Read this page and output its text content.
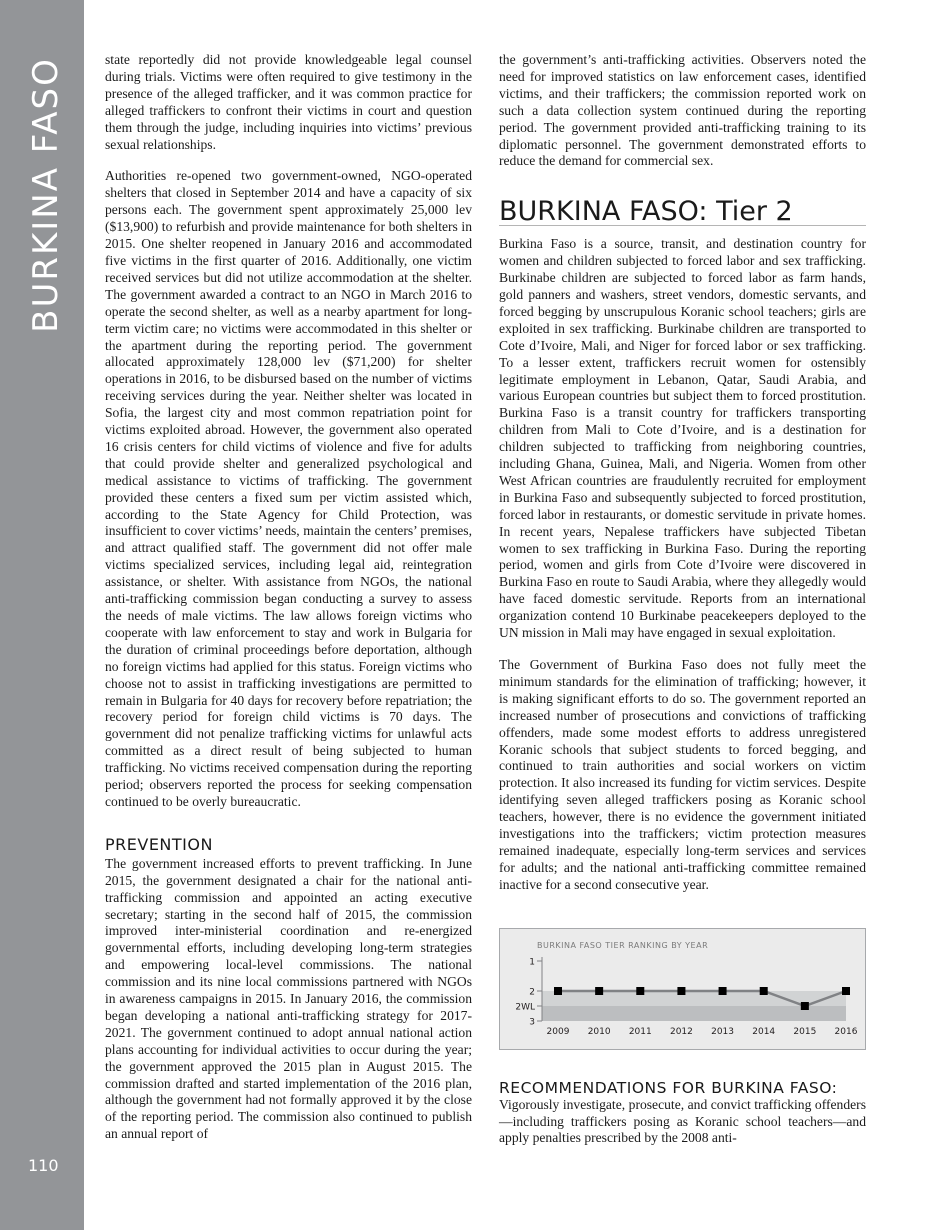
BURKINA FASO
110

state reportedly did not provide knowledgeable legal counsel during trials. Victims were often required to give testimony in the presence of the alleged trafficker, and it was common practice for alleged traffickers to confront their victims in court and question them through the judge, including inquiries into victims’ previous sexual relationships.

Authorities re-opened two government-owned, NGO-operated shelters that closed in September 2014 and have a capacity of six persons each. The government spent approximately 25,000 lev ($13,900) to refurbish and provide maintenance for both shelters in 2015. One shelter reopened in January 2016 and accommodated five victims in the first quarter of 2016. Additionally, one victim received services but did not utilize accommodation at the shelter. The government awarded a contract to an NGO in March 2016 to operate the second shelter, as well as a nearby apartment for long-term victim care; no victims were accommodated in this shelter or the apartment during the reporting period. The government allocated approximately 128,000 lev ($71,200) for shelter operations in 2016, to be disbursed based on the number of victims receiving services during the year. Neither shelter was located in Sofia, the largest city and most common repatriation point for victims exploited abroad. However, the government also operated 16 crisis centers for child victims of violence and five for adults that could provide shelter and generalized psychological and medical assistance to victims of trafficking. The government provided these centers a fixed sum per victim assisted which, according to the State Agency for Child Protection, was insufficient to cover victims’ needs, maintain the centers’ premises, and attract qualified staff. The government did not offer male victims specialized services, including legal aid, reintegration assistance, or shelter. With assistance from NGOs, the national anti-trafficking commission began conducting a survey to assess the needs of male victims. The law allows foreign victims who cooperate with law enforcement to stay and work in Bulgaria for the duration of criminal proceedings before deportation, although no foreign victims had applied for this status. Foreign victims who choose not to assist in trafficking investigations are permitted to remain in Bulgaria for 40 days for recovery before repatriation; the recovery period for foreign child victims is 70 days. The government did not penalize trafficking victims for unlawful acts committed as a direct result of being subjected to human trafficking. No victims received compensation during the reporting period; observers reported the process for seeking compensation continued to be overly bureaucratic.

PREVENTION

The government increased efforts to prevent trafficking. In June 2015, the government designated a chair for the national anti-trafficking commission and appointed an acting executive secretary; starting in the second half of 2015, the commission improved inter-ministerial coordination and re-energized governmental efforts, including developing long-term strategies and empowering local-level commissions. The national commission and its nine local commissions partnered with NGOs in awareness campaigns in 2015. In January 2016, the commission began developing a national anti-trafficking strategy for 2017-2021. The government continued to adopt annual national action plans accounting for individual activities to occur during the year; the government approved the 2015 plan in August 2015. The commission drafted and started implementation of the 2016 plan, although the government had not formally approved it by the close of the reporting period. The commission also continued to publish an annual report of

the government’s anti-trafficking activities. Observers noted the need for improved statistics on law enforcement cases, identified victims, and their traffickers; the commission reported work on such a data collection system continued during the reporting period. The government provided anti-trafficking training to its diplomatic personnel. The government demonstrated efforts to reduce the demand for commercial sex.

BURKINA FASO: Tier 2

Burkina Faso is a source, transit, and destination country for women and children subjected to forced labor and sex trafficking. Burkinabe children are subjected to forced labor as farm hands, gold panners and washers, street vendors, domestic servants, and forced begging by unscrupulous Koranic school teachers; girls are exploited in sex trafficking. Burkinabe children are transported to Cote d’Ivoire, Mali, and Niger for forced labor or sex trafficking. To a lesser extent, traffickers recruit women for ostensibly legitimate employment in Lebanon, Qatar, Saudi Arabia, and various European countries but subject them to forced prostitution. Burkina Faso is a transit country for traffickers transporting children from Mali to Cote d’Ivoire, and is a destination for children subjected to trafficking from neighboring countries, including Ghana, Guinea, Mali, and Nigeria. Women from other West African countries are fraudulently recruited for employment in Burkina Faso and subsequently subjected to forced prostitution, forced labor in restaurants, or domestic servitude in private homes. In recent years, Nepalese traffickers have subjected Tibetan women to sex trafficking in Burkina Faso. During the reporting period, women and girls from Cote d’Ivoire were discovered in Burkina Faso en route to Saudi Arabia, where they allegedly would have faced domestic servitude. Reports from an international organization contend 10 Burkinabe peacekeepers deployed to the UN mission in Mali may have engaged in sexual exploitation.

The Government of Burkina Faso does not fully meet the minimum standards for the elimination of trafficking; however, it is making significant efforts to do so. The government reported an increased number of prosecutions and convictions of trafficking offenders, made some modest efforts to address unregistered Koranic schools that subject students to forced begging, and continued to train authorities and social workers on victim protection. It also increased its funding for victim services. Despite identifying seven alleged traffickers posing as Koranic school teachers, however, there is no evidence the government initiated investigations into the traffickers; victim protection measures remained inadequate, especially long-term services and services for adults; and the national anti-trafficking committee remained inactive for a second consecutive year.

BURKINA FASO TIER RANKING BY YEAR
1
2
2WL
3
2009 2010 2011 2012 2013 2014 2015 2016
RECOMMENDATIONS FOR BURKINA FASO:

Vigorously investigate, prosecute, and convict trafficking offenders—including traffickers posing as Koranic school teachers—and apply penalties prescribed by the 2008 anti-
